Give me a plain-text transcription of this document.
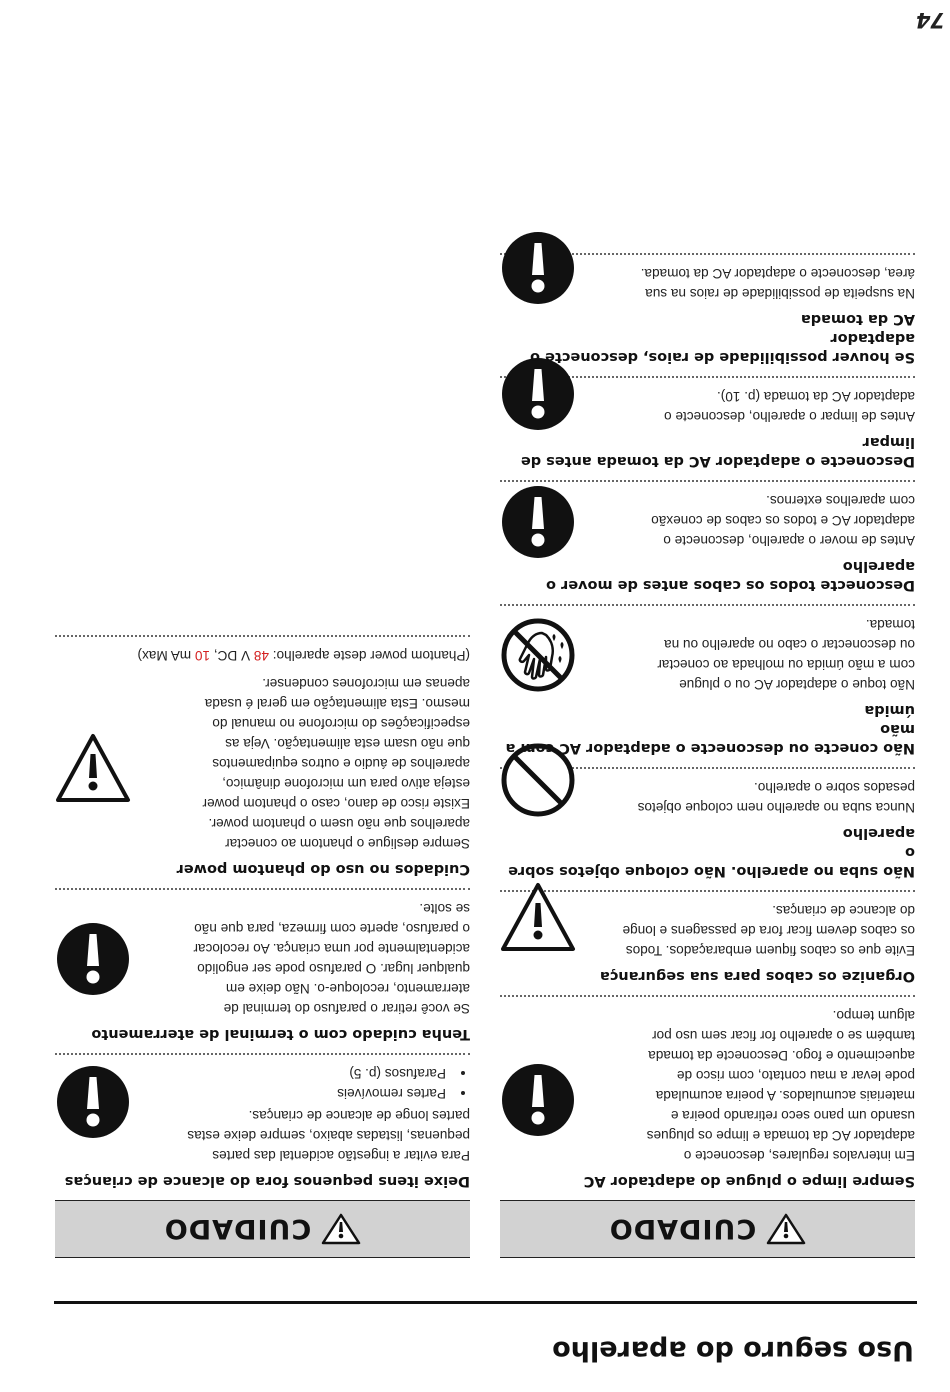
Uso seguro do aparelho
CUIDADO

Sempre limpe o plugue do adaptador AC

Em intervalos regulares, desconecte o
adaptador AC da tomada e limpe os plugues
usando um pano seco retirando poeira e
materiais acumulados. A poeira acumulada
pode levar a mau contato, com risco de
aquecimento e fogo. Desconecte da tomada
também se o aparelho for ficar sem uso por
algum tempo.

Organize os cabos para sua segurança

Evite que os cabos fiquem embaraçados. Todos
os cabos devem ficar fora de passagens e longe
do alcance de crianças.

Não suba no aparelho. Não coloque objetos sobre o
aparelho

Nunca suba no aparelho nem coloque objetos
pesados sobre o aparelho.

Não conecte ou desconecte o adaptador AC com a mão
úmida

Não toque o adaptador AC ou o plugue
com a mão úmida ou molhada ao conectar
ou desconectar o cabo no aparelho ou na
tomada.

Desconecte todos os cabos antes de mover o aparelho

Antes de mover o aparelho, desconecte o
adaptador AC e todos os cabos de conexão
com aparelhos externos.

Desconecte o adaptador AC da tomada antes de limpar

Antes de limpar o aparelho, desconecte o
adaptador AC da tomada (p. 10).

Se houver possibilidade de raios, desconecte o adaptador
AC da tomada

Na suspeita de possibilidade de raios na sua
área, desconecte o adaptador AC da tomada.

CUIDADO

Deixe itens pequenos fora do alcance de crianças

Para evitar a ingestão acidental das partes
pequenas, listadas abaixo, sempre deixe estas
partes longe de alcance de crianças.

• Partes removíveis
• Parafusos (p. 5)

Tenha cuidado com o terminal de aterramento

Se você retirar o parafuso do terminal de
aterramento, recoloque-o. Não deixe em
qualquer lugar. O parafuso pode ser engolido
acidentalmente por uma criança. Ao recolocar
o parafuso, aperte com firmeza, para que não
se solte.

Cuidados no uso do phantom power

Sempre desligue o phantom ao conectar
aparelhos que não usem o phantom power.
Existe risco de dano, caso o phantom power
esteja ativo para um microfone dinâmico,
aparelhos de áudio e outros equipamentos
que não usam esta alimentação. Veja as
especificações do microfone no manual do
mesmo. Esta alimentação em geral é usada
apenas em microfones condenser.

(Phantom power deste aparelho: 48 V DC, 10 mA Max)

74
